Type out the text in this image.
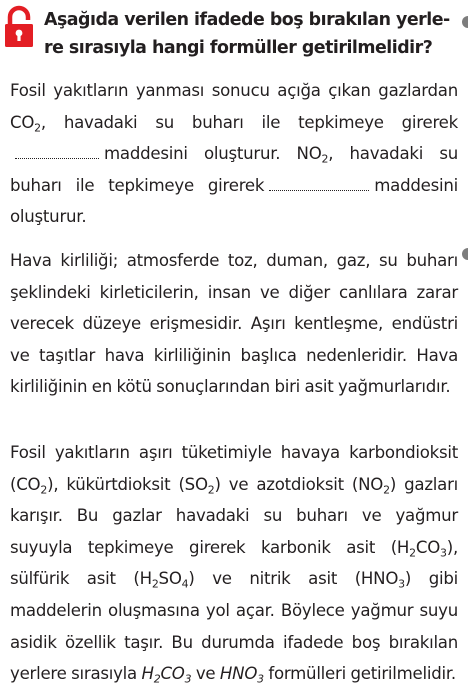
Aşağıda verilen ifadede boş bırakılan yerle-
re sırasıyla hangi formüller getirilmelidir?

Fosil yakıtların yanması sonucu açığa çıkan gazlardan $CO_2$, havadaki su buharı ile tepkimeye girerekmaddesini oluşturur. $NO_2$, havadaki su buharı ile tepkimeye girerek	maddesini oluşturur.

Hava kirliliği; atmosferde toz, duman, gaz, su buharı şeklindeki kirleticilerin, insan ve diğer canlılara zarar verecek düzeye erişmesidir. Aşırı kentleşme, endüstri ve taşıtlar hava kirliliğinin başlıca nedenleridir. Hava kirliliğinin en kötü sonuçlarından biri asit yağmurlarıdır.

Fosil yakıtların aşırı tüketimiyle havaya karbondioksit $(CO_2)$, kükürtdioksit $(SO_2)$ ve azotdioksit $(NO_2)$ gazları karışır. Bu gazlar havadaki su buharı ve yağmur suyuyla tepkimeye girerek karbonik asit $(H_2CO_3)$, sülfürik asit $(H_2SO_4)$ ve nitrik asit $(HNO_3)$ gibi maddelerin oluşmasına yol açar. Böylece yağmur suyu asidik özellik taşır. Bu durumda ifadede boş bırakılan yerlere sırasıyla $H_2CO_3$ ve $HNO_3$ formülleri getirilmelidir.
